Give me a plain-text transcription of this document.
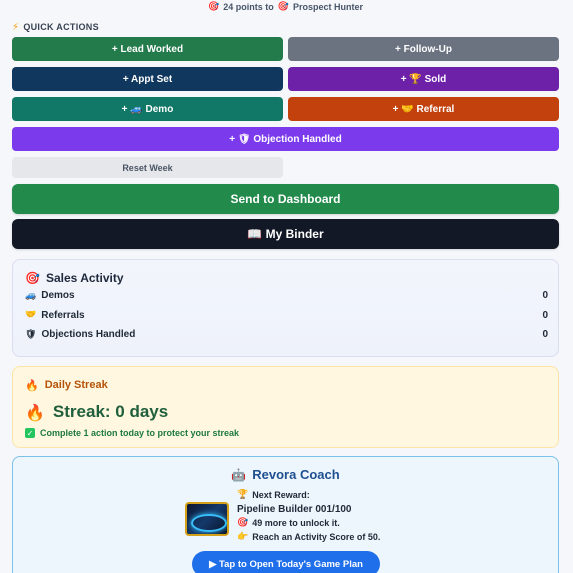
🎯 24 points to 🎯 Prospect Hunter
⚡ QUICK ACTIONS
+ Lead Worked	+ Follow-Up
+ Appt Set	+ 🏆 Sold
+ 🚙 Demo	+ 🤝 Referral
+ 🛡 Objection Handled
Reset Week
Send to Dashboard
📖 My Binder
🎯 Sales Activity
🚙 Demos	0
🤝 Referrals	0
🛡 Objections Handled	0
🔥 Daily Streak
🔥 Streak: 0 days
✓ Complete 1 action today to protect your streak
🤖 Revora Coach
🏆 Next Reward:
Pipeline Builder 001/100
🎯 49 more to unlock it.
👉 Reach an Activity Score of 50.
▶ Tap to Open Today's Game Plan
